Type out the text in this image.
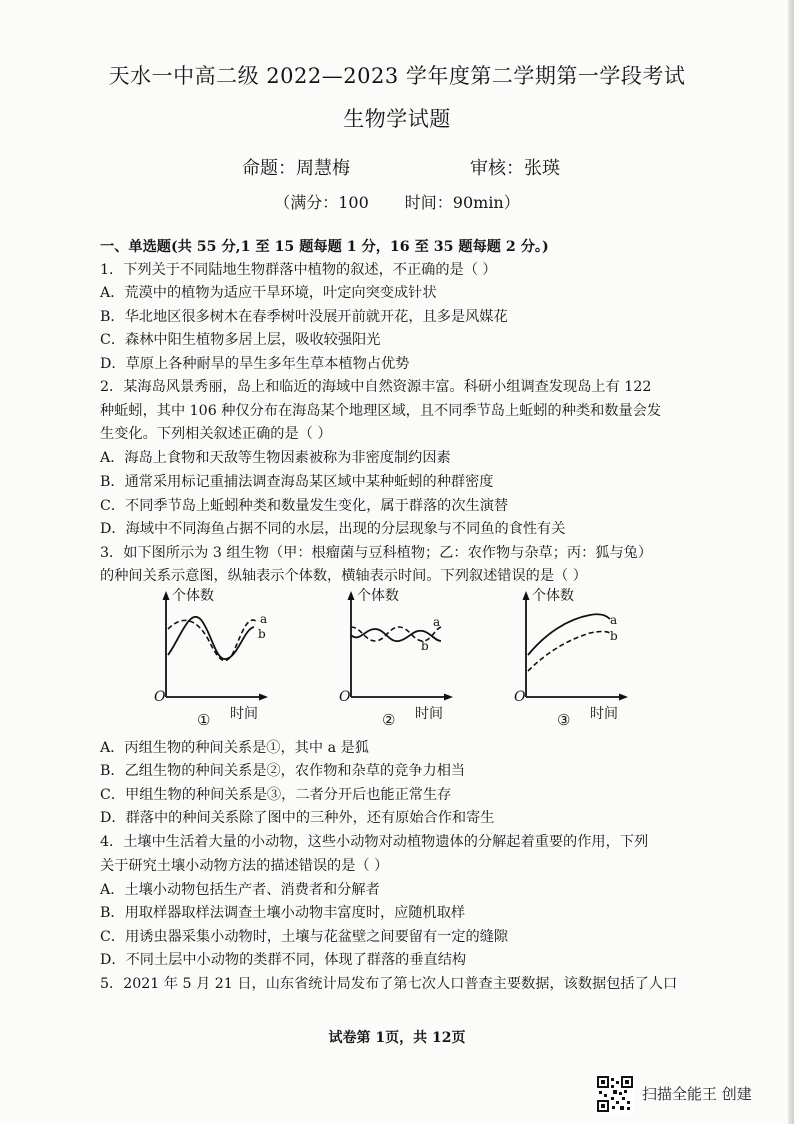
天水一中高二级 2022—2023 学年度第二学期第一学段考试
生物学试题
命题：周慧梅	审核：张瑛
（满分：100 时间：90min）
一、单选题(共 55 分,1 至 15 题每题 1 分，16 至 35 题每题 2 分。)
1．下列关于不同陆地生物群落中植物的叙述，不正确的是（ ）
A．荒漠中的植物为适应干旱环境，叶定向突变成针状
B．华北地区很多树木在春季树叶没展开前就开花，且多是风媒花
C．森林中阳生植物多居上层，吸收较强阳光
D．草原上各种耐旱的旱生多年生草本植物占优势
2．某海岛风景秀丽，岛上和临近的海域中自然资源丰富。科研小组调查发现岛上有 122
种蚯蚓，其中 106 种仅分布在海岛某个地理区域，且不同季节岛上蚯蚓的种类和数量会发
生变化。下列相关叙述正确的是（ ）
A．海岛上食物和天敌等生物因素被称为非密度制约因素
B．通常采用标记重捕法调查海岛某区域中某种蚯蚓的种群密度
C．不同季节岛上蚯蚓种类和数量发生变化，属于群落的次生演替
D．海域中不同海鱼占据不同的水层，出现的分层现象与不同鱼的食性有关
3．如下图所示为 3 组生物（甲：根瘤菌与豆科植物；乙：农作物与杂草；丙：狐与兔）
的种间关系示意图，纵轴表示个体数，横轴表示时间。下列叙述错误的是（ ）
个体数
时间
O
a
b
①
个体数
时间
O
a
b
②
个体数
时间
O
a
b
③
A．丙组生物的种间关系是①，其中 a 是狐
B．乙组生物的种间关系是②，农作物和杂草的竞争力相当
C．甲组生物的种间关系是③，二者分开后也能正常生存
D．群落中的种间关系除了图中的三种外，还有原始合作和寄生
4．土壤中生活着大量的小动物，这些小动物对动植物遗体的分解起着重要的作用，下列
关于研究土壤小动物方法的描述错误的是（ ）
A．土壤小动物包括生产者、消费者和分解者
B．用取样器取样法调查土壤小动物丰富度时，应随机取样
C．用诱虫器采集小动物时，土壤与花盆壁之间要留有一定的缝隙
D．不同土层中小动物的类群不同，体现了群落的垂直结构
5．2021 年 5 月 21 日，山东省统计局发布了第七次人口普查主要数据，该数据包括了人口
试卷第 1页，共 12页
扫描全能王 创建
